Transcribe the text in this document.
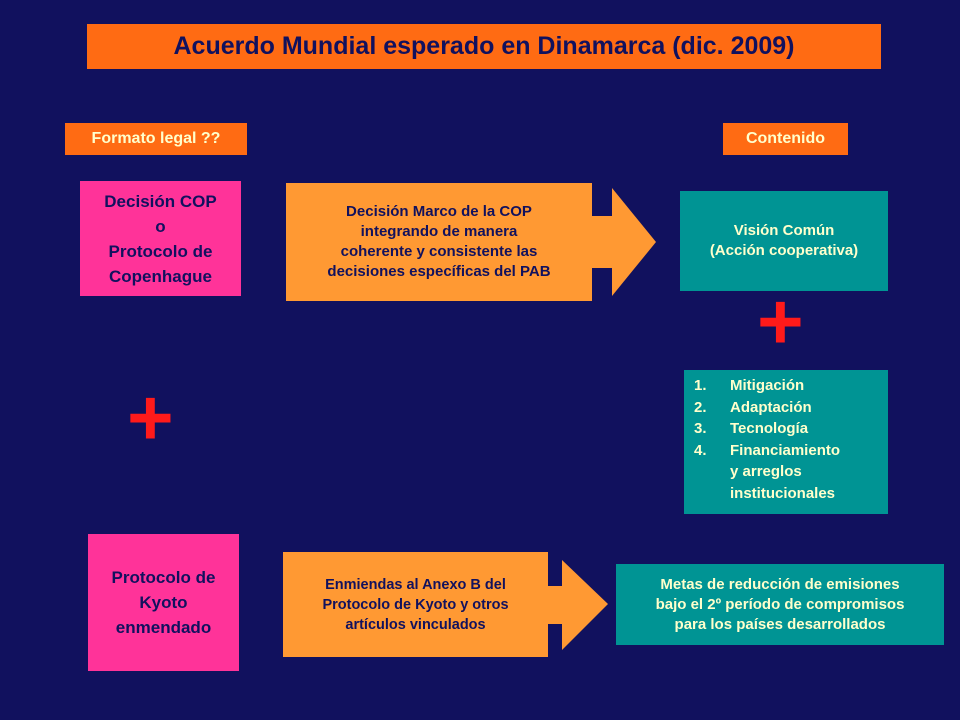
Acuerdo Mundial esperado en Dinamarca (dic. 2009)
Formato legal ??	Contenido
Decisión COP
o
Protocolo de
Copenhague
Decisión Marco de la COP
integrando de manera
coherente y consistente las
decisiones específicas del PAB
Visión Común
(Acción cooperativa)
+
1.	Mitigación
2.	Adaptación
3.	Tecnología
4.	Financiamiento
y arreglos
institucionales
+
Protocolo de
Kyoto
enmendado
Enmiendas al Anexo B del
Protocolo de Kyoto y otros
artículos vinculados
Metas de reducción de emisiones
bajo el 2º período de compromisos
para los países desarrollados
